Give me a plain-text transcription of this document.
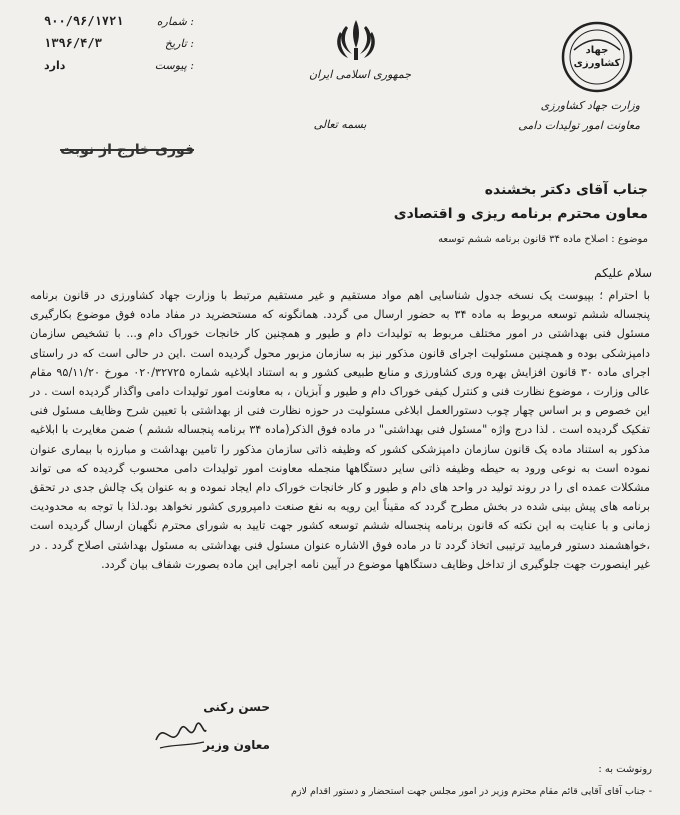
۹۰۰/۹۶/۱۷۲۱	شماره :
۱۳۹۶/۴/۳	تاریخ :
دارد	پیوست :
جمهوری اسلامی ایران
بسمه تعالی
جهاد کشاورزی
وزارت جهاد کشاورزی
معاونت امور تولیدات دامی
فوری خارج از نوبت
جناب آقای دکتر بخشنده
معاون محترم برنامه ریزی و اقتصادی
موضوع : اصلاح ماده ۳۴ قانون برنامه ششم توسعه
سلام علیکم
با احترام ؛ بپیوست یک نسخه جدول شناسایی اهم مواد مستقیم و غیر مستقیم مرتبط با وزارت جهاد کشاورزی در قانون برنامه پنجساله ششم توسعه مربوط به ماده ۳۴ به حضور ارسال می گردد. همانگونه که مستحضرید در مفاد ماده فوق موضوع بکارگیری مسئول فنی بهداشتی در امور مختلف مربوط به تولیدات دام و طیور و همچنین کار خانجات خوراک دام و... با تشخیص سازمان دامپزشکی بوده و همچنین مسئولیت اجرای قانون مذکور نیز به سازمان مزبور محول گردیده است .این در حالی است که در راستای اجرای ماده ۳۰ قانون افزایش بهره وری کشاورزی و منابع طبیعی کشور و به استناد ابلاغیه شماره ۰۲۰/۳۲۷۲۵ مورخ ۹۵/۱۱/۲۰ مقام عالی وزارت ، موضوع نظارت فنی و کنترل کیفی خوراک دام و طیور و آبزیان ، به معاونت امور تولیدات دامی واگذار گردیده است . در این خصوص و بر اساس چهار چوب دستورالعمل ابلاغی مسئولیت در حوزه نظارت فنی از بهداشتی با تعیین شرح وظایف مسئول فنی تفکیک گردیده است . لذا درج واژه "مسئول فنی بهداشتی" در ماده فوق الذکر(ماده ۳۴ برنامه پنجساله ششم ) ضمن مغایرت با ابلاغیه مذکور به استناد ماده یک قانون سازمان دامپزشکی کشور که وظیفه ذاتی سازمان مذکور را تامین بهداشت و مبارزه با بیماری عنوان نموده است به نوعی ورود به حیطه وظیفه ذاتی سایر دستگاهها منجمله معاونت امور تولیدات دامی محسوب گردیده که می تواند مشکلات عمده ای را در روند تولید در واحد های دام و طیور و کار خانجات خوراک دام ایجاد نموده و به عنوان یک چالش جدی در تحقق برنامه های پیش بینی شده در بخش مطرح گردد که مقیناً این رویه به نفع صنعت دامپروری کشور نخواهد بود.لذا با توجه به محدودیت زمانی و با عنایت به این نکته که قانون برنامه پنجساله ششم توسعه کشور جهت تایید به شورای محترم نگهبان ارسال گردیده است ،خواهشمند دستور فرمایید ترتیبی اتخاذ گردد تا در ماده فوق الاشاره عنوان مسئول فنی بهداشتی به مسئول بهداشتی اصلاح گردد . در غیر اینصورت جهت جلوگیری از تداخل وظایف دستگاهها موضوع در آیین نامه اجرایی این ماده بصورت شفاف بیان گردد.
حسن رکنی
معاون وزیر
رونوشت به :
- جناب آقای آقایی قائم مقام محترم وزیر در امور مجلس جهت استحضار و دستور اقدام لازم
